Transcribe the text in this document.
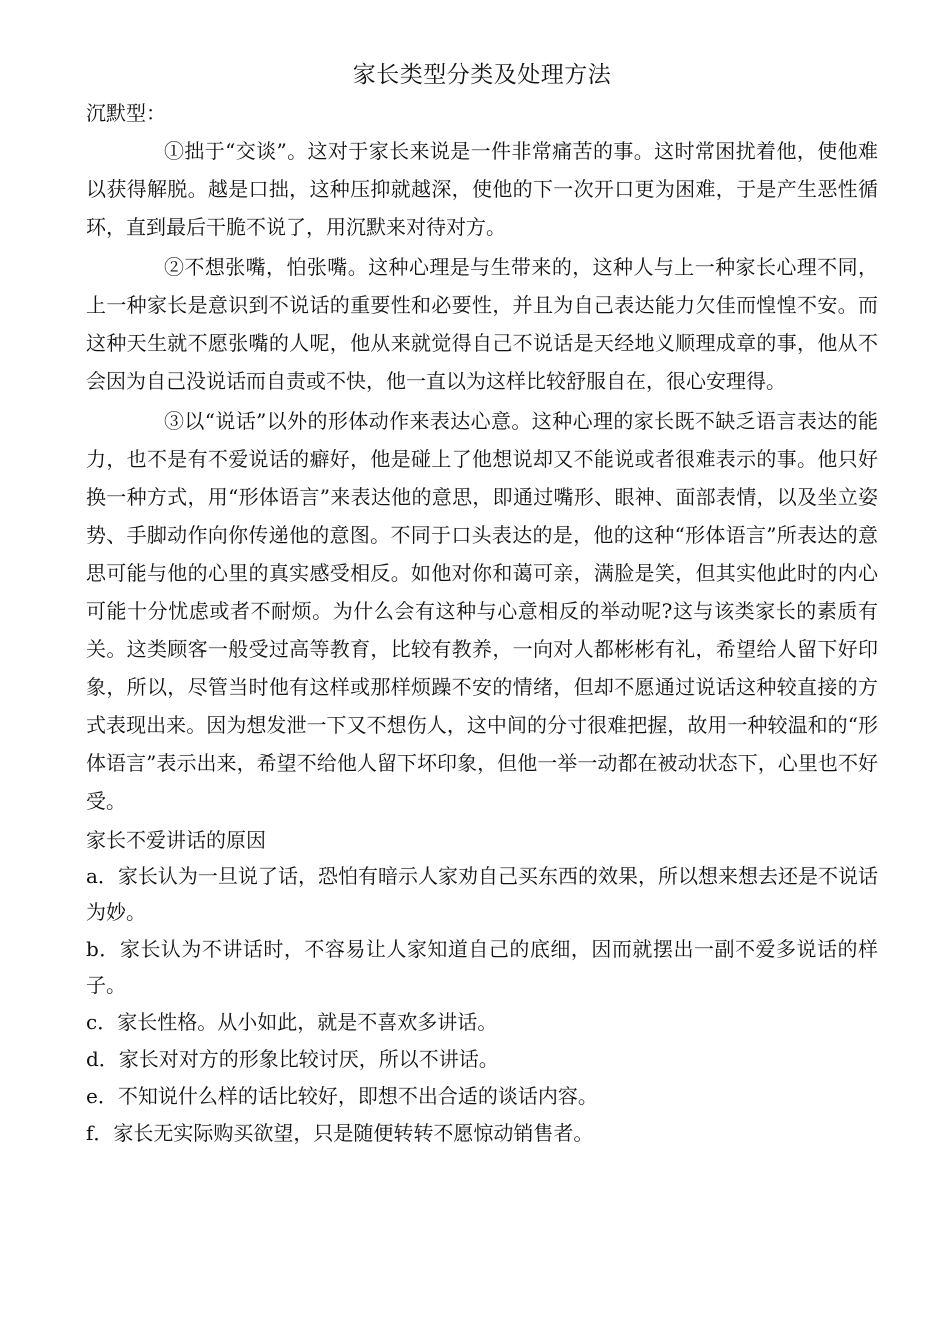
家长类型分类及处理方法
沉默型：

①拙于“交谈”。这对于家长来说是一件非常痛苦的事。这时常困扰着他，使他难以获得解脱。越是口拙，这种压抑就越深，使他的下一次开口更为困难，于是产生恶性循环，直到最后干脆不说了，用沉默来对待对方。

②不想张嘴，怕张嘴。这种心理是与生带来的，这种人与上一种家长心理不同，上一种家长是意识到不说话的重要性和必要性，并且为自己表达能力欠佳而惶惶不安。而这种天生就不愿张嘴的人呢，他从来就觉得自己不说话是天经地义顺理成章的事，他从不会因为自己没说话而自责或不快，他一直以为这样比较舒服自在，很心安理得。

③以“说话”以外的形体动作来表达心意。这种心理的家长既不缺乏语言表达的能力，也不是有不爱说话的癖好，他是碰上了他想说却又不能说或者很难表示的事。他只好换一种方式，用“形体语言”来表达他的意思，即通过嘴形、眼神、面部表情，以及坐立姿势、手脚动作向你传递他的意图。不同于口头表达的是，他的这种“形体语言”所表达的意思可能与他的心里的真实感受相反。如他对你和蔼可亲，满脸是笑，但其实他此时的内心可能十分忧虑或者不耐烦。为什么会有这种与心意相反的举动呢?这与该类家长的素质有关。这类顾客一般受过高等教育，比较有教养，一向对人都彬彬有礼，希望给人留下好印象，所以，尽管当时他有这样或那样烦躁不安的情绪，但却不愿通过说话这种较直接的方式表现出来。因为想发泄一下又不想伤人，这中间的分寸很难把握，故用一种较温和的“形体语言”表示出来，希望不给他人留下坏印象，但他一举一动都在被动状态下，心里也不好受。

家长不爱讲话的原因

a．家长认为一旦说了话，恐怕有暗示人家劝自己买东西的效果，所以想来想去还是不说话为妙。

b．家长认为不讲话时，不容易让人家知道自己的底细，因而就摆出一副不爱多说话的样子。

c．家长性格。从小如此，就是不喜欢多讲话。

d．家长对对方的形象比较讨厌，所以不讲话。

e．不知说什么样的话比较好，即想不出合适的谈话内容。

f．家长无实际购买欲望，只是随便转转不愿惊动销售者。
